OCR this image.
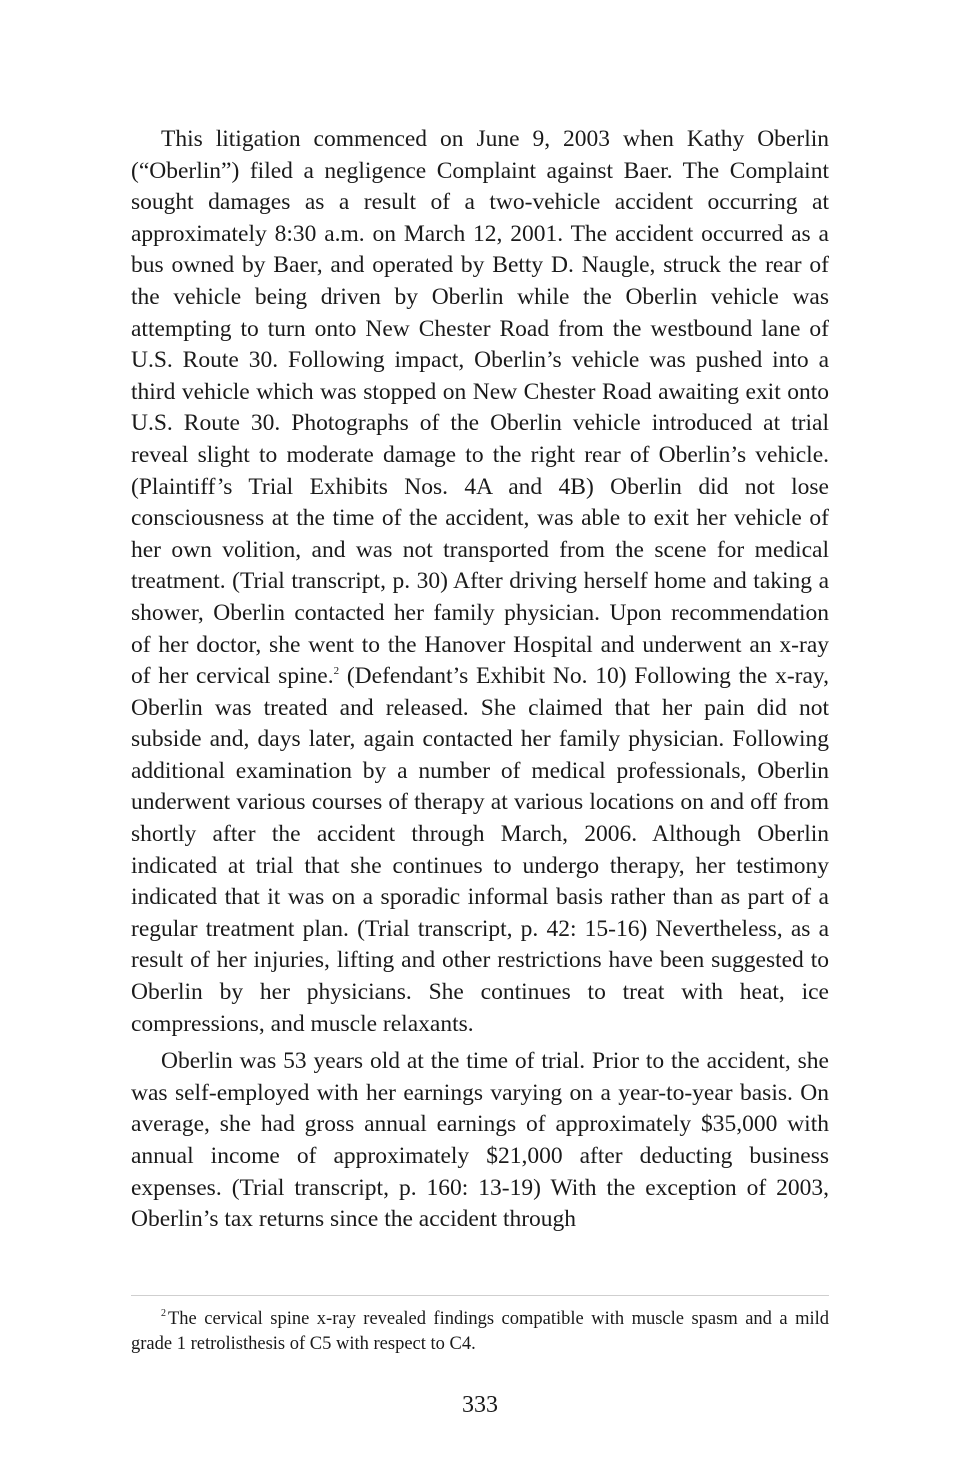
This litigation commenced on June 9, 2003 when Kathy Oberlin (“Oberlin”) filed a negligence Complaint against Baer. The Complaint sought damages as a result of a two-vehicle accident occurring at approximately 8:30 a.m. on March 12, 2001. The accident occurred as a bus owned by Baer, and operated by Betty D. Naugle, struck the rear of the vehicle being driven by Oberlin while the Oberlin vehicle was attempting to turn onto New Chester Road from the westbound lane of U.S. Route 30. Following impact, Oberlin’s vehicle was pushed into a third vehicle which was stopped on New Chester Road awaiting exit onto U.S. Route 30. Photographs of the Oberlin vehicle introduced at trial reveal slight to moderate damage to the right rear of Oberlin’s vehicle. (Plaintiff’s Trial Exhibits Nos. 4A and 4B) Oberlin did not lose consciousness at the time of the accident, was able to exit her vehicle of her own volition, and was not transported from the scene for medical treatment. (Trial transcript, p. 30) After driving herself home and taking a shower, Oberlin contacted her family physician. Upon recommendation of her doctor, she went to the Hanover Hospital and underwent an x-ray of her cervical spine.$^2$ (Defendant’s Exhibit No. 10) Following the x-ray, Oberlin was treated and released. She claimed that her pain did not subside and, days later, again contacted her family physician. Following additional examination by a number of medical professionals, Oberlin underwent various courses of therapy at various locations on and off from shortly after the accident through March, 2006. Although Oberlin indicated at trial that she continues to undergo therapy, her testimony indicated that it was on a sporadic informal basis rather than as part of a regular treatment plan. (Trial transcript, p. 42: 15-16) Nevertheless, as a result of her injuries, lifting and other restrictions have been suggested to Oberlin by her physicians. She continues to treat with heat, ice compressions, and muscle relaxants.

Oberlin was 53 years old at the time of trial. Prior to the accident, she was self-employed with her earnings varying on a year-to-year basis. On average, she had gross annual earnings of approximately $35,000 with annual income of approximately $21,000 after deducting business expenses. (Trial transcript, p. 160: 13-19) With the exception of 2003, Oberlin’s tax returns since the accident through

$^2$ The cervical spine x-ray revealed findings compatible with muscle spasm and a mild grade 1 retrolisthesis of C5 with respect to C4.

333
